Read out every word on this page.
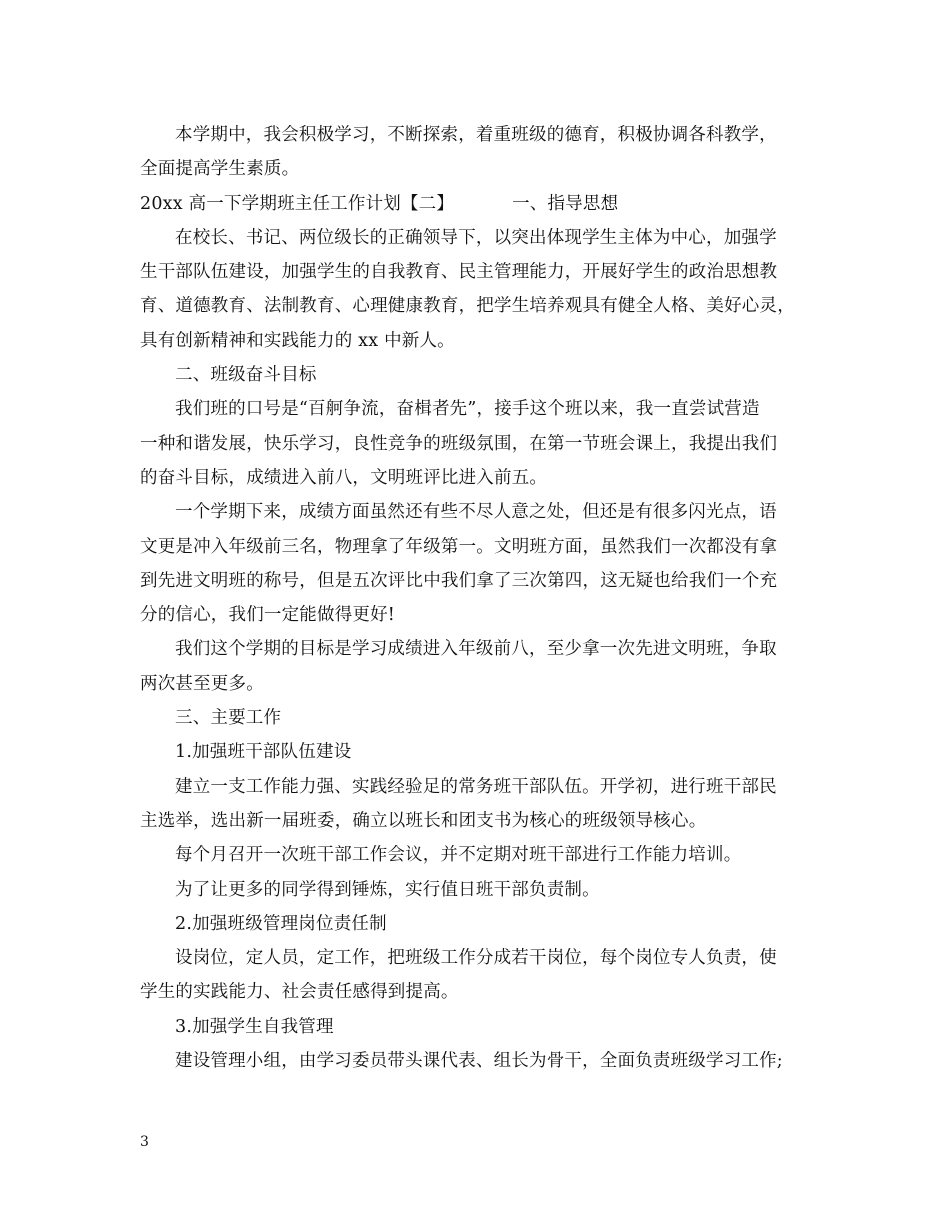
本学期中，我会积极学习，不断探索，着重班级的德育，积极协调各科教学，
全面提高学生素质。
20xx 高一下学期班主任工作计划【二】	一、指导思想
在校长、书记、两位级长的正确领导下，以突出体现学生主体为中心，加强学
生干部队伍建设，加强学生的自我教育、民主管理能力，开展好学生的政治思想教
育、道德教育、法制教育、心理健康教育，把学生培养观具有健全人格、美好心灵，
具有创新精神和实践能力的 xx 中新人。
二、班级奋斗目标
我们班的口号是“百舸争流，奋楫者先”，接手这个班以来，我一直尝试营造
一种和谐发展，快乐学习，良性竞争的班级氛围，在第一节班会课上，我提出我们
的奋斗目标，成绩进入前八，文明班评比进入前五。
一个学期下来，成绩方面虽然还有些不尽人意之处，但还是有很多闪光点，语
文更是冲入年级前三名，物理拿了年级第一。文明班方面，虽然我们一次都没有拿
到先进文明班的称号，但是五次评比中我们拿了三次第四，这无疑也给我们一个充
分的信心，我们一定能做得更好!
我们这个学期的目标是学习成绩进入年级前八，至少拿一次先进文明班，争取
两次甚至更多。
三、主要工作
1.加强班干部队伍建设
建立一支工作能力强、实践经验足的常务班干部队伍。开学初，进行班干部民
主选举，选出新一届班委，确立以班长和团支书为核心的班级领导核心。
每个月召开一次班干部工作会议，并不定期对班干部进行工作能力培训。
为了让更多的同学得到锤炼，实行值日班干部负责制。
2.加强班级管理岗位责任制
设岗位，定人员，定工作，把班级工作分成若干岗位，每个岗位专人负责，使
学生的实践能力、社会责任感得到提高。
3.加强学生自我管理
建设管理小组，由学习委员带头课代表、组长为骨干，全面负责班级学习工作;
3
